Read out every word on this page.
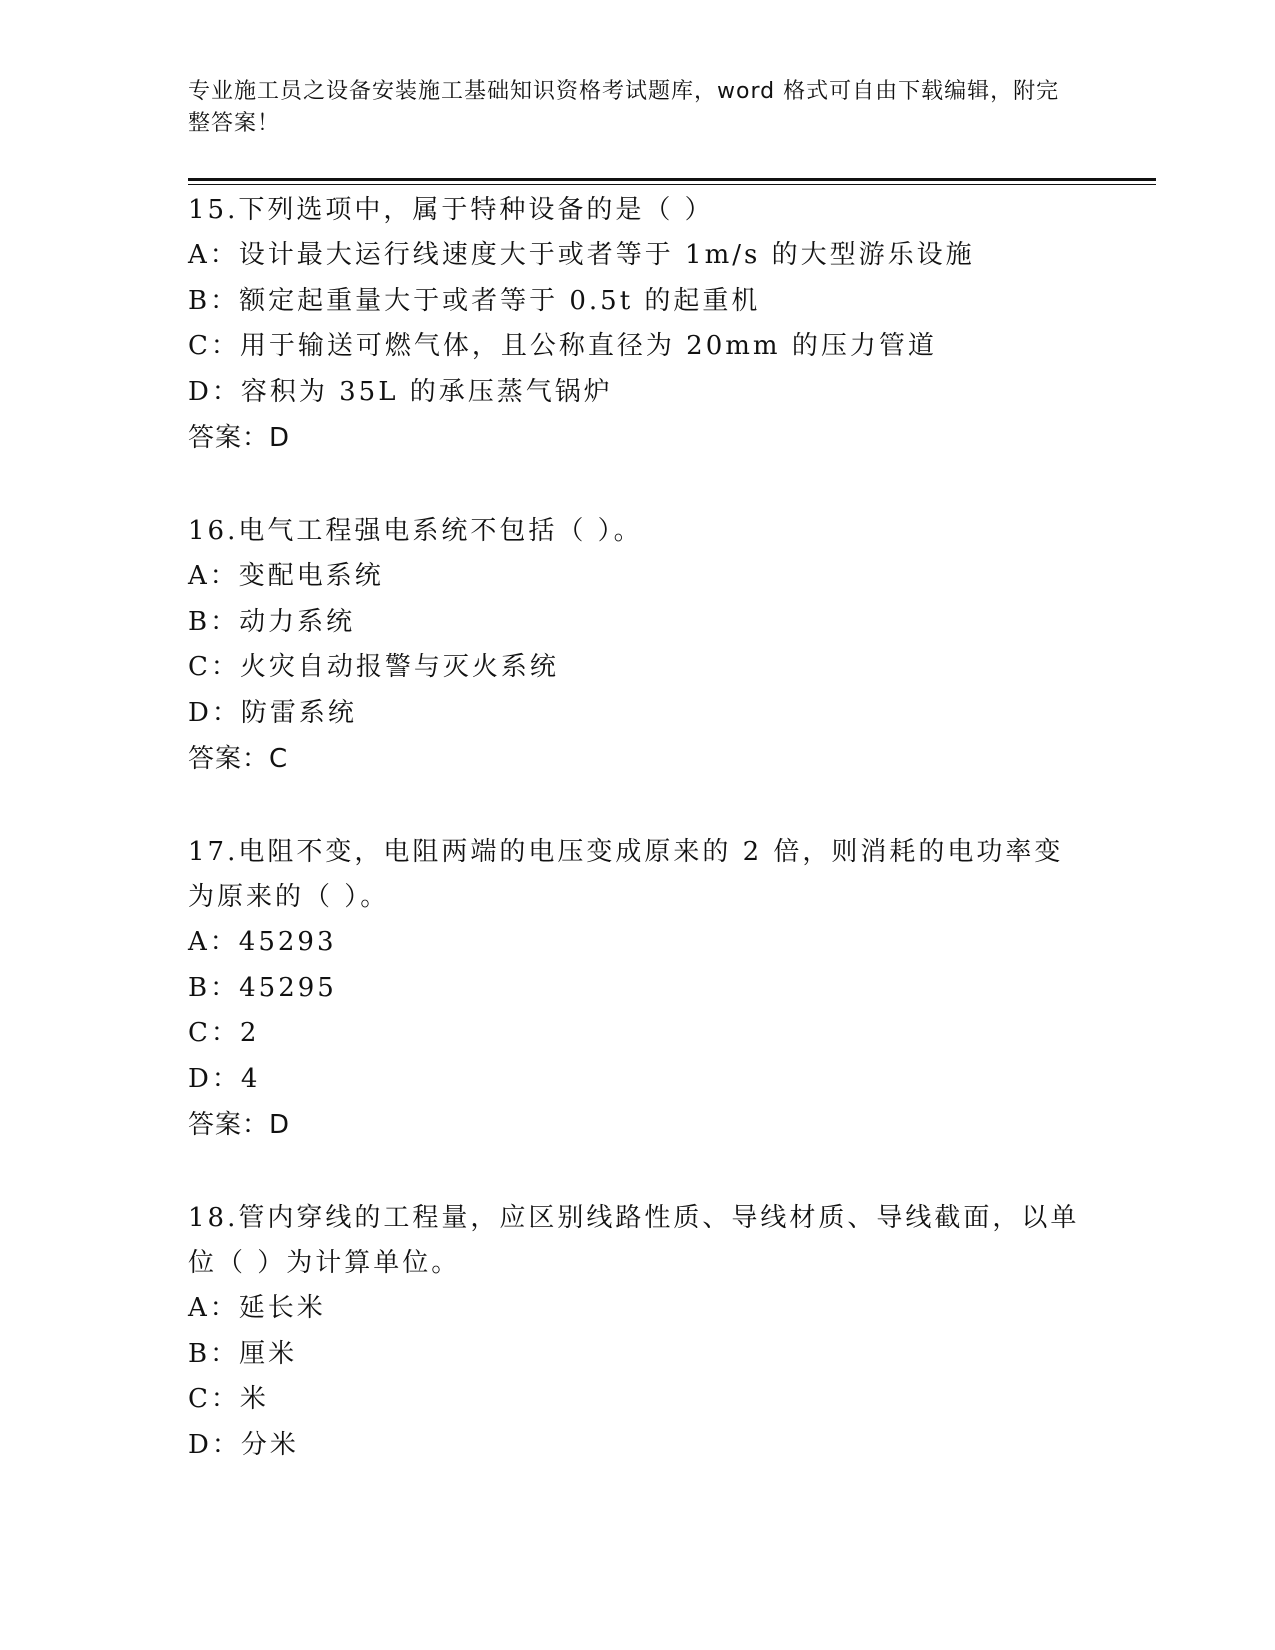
专业施工员之设备安装施工基础知识资格考试题库，word 格式可自由下载编辑，附完整答案！
15.下列选项中，属于特种设备的是（ ）
A：设计最大运行线速度大于或者等于 1m/s 的大型游乐设施
B：额定起重量大于或者等于 0.5t 的起重机
C：用于输送可燃气体，且公称直径为 20mm 的压力管道
D：容积为 35L 的承压蒸气锅炉
答案：D
16.电气工程强电系统不包括（ ）。
A：变配电系统
B：动力系统
C：火灾自动报警与灭火系统
D：防雷系统
答案：C
17.电阻不变，电阻两端的电压变成原来的 2 倍，则消耗的电功率变为原来的（ ）。
A：45293
B：45295
C：2
D：4
答案：D
18.管内穿线的工程量，应区别线路性质、导线材质、导线截面，以单位（ ）为计算单位。
A：延长米
B：厘米
C：米
D：分米
